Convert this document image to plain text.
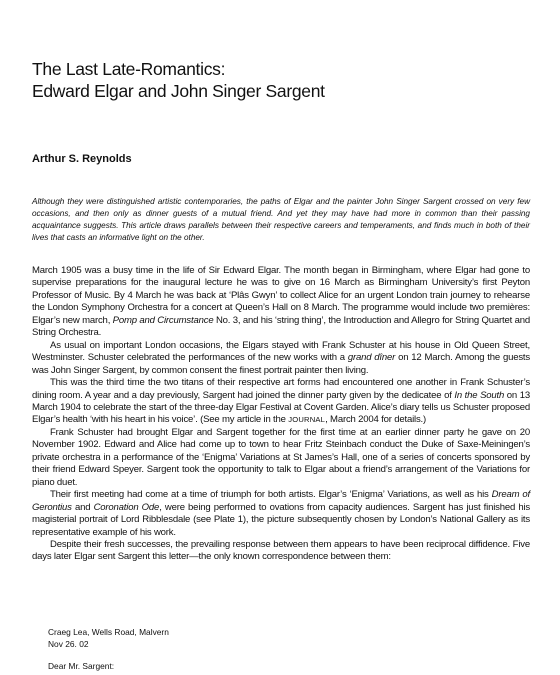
The Last Late-Romantics:
Edward Elgar and John Singer Sargent

Arthur S. Reynolds

Although they were distinguished artistic contemporaries, the paths of Elgar and the painter John Singer Sargent crossed on very few occasions, and then only as dinner guests of a mutual friend. And yet they may have had more in common than their passing acquaintance suggests. This article draws parallels between their respective careers and temperaments, and finds much in both of their lives that casts an informative light on the other.

March 1905 was a busy time in the life of Sir Edward Elgar. The month began in Birmingham, where Elgar had gone to supervise preparations for the inaugural lecture he was to give on 16 March as Birmingham University’s first Peyton Professor of Music. By 4 March he was back at ‘Plâs Gwyn’ to collect Alice for an urgent London train journey to rehearse the London Symphony Orchestra for a concert at Queen’s Hall on 8 March. The programme would include two premières: Elgar’s new march, Pomp and Circumstance No. 3, and his ‘string thing’, the Introduction and Allegro for String Quartet and String Orchestra.

As usual on important London occasions, the Elgars stayed with Frank Schuster at his house in Old Queen Street, Westminster. Schuster celebrated the performances of the new works with a grand dîner on 12 March. Among the guests was John Singer Sargent, by common consent the finest portrait painter then living.

This was the third time the two titans of their respective art forms had encountered one another in Frank Schuster’s dining room. A year and a day previously, Sargent had joined the dinner party given by the dedicatee of In the South on 13 March 1904 to celebrate the start of the three-day Elgar Festival at Covent Garden. Alice’s diary tells us Schuster proposed Elgar’s health ‘with his heart in his voice’. (See my article in the JOURNAL, March 2004 for details.)

Frank Schuster had brought Elgar and Sargent together for the first time at an earlier dinner party he gave on 20 November 1902. Edward and Alice had come up to town to hear Fritz Steinbach conduct the Duke of Saxe-Meiningen’s private orchestra in a performance of the ‘Enigma’ Variations at St James’s Hall, one of a series of concerts sponsored by their friend Edward Speyer. Sargent took the opportunity to talk to Elgar about a friend’s arrangement of the Variations for piano duet.

Their first meeting had come at a time of triumph for both artists. Elgar’s ‘Enigma’ Variations, as well as his Dream of Gerontius and Coronation Ode, were being performed to ovations from capacity audiences. Sargent has just finished his magisterial portrait of Lord Ribblesdale (see Plate 1), the picture subsequently chosen by London’s National Gallery as its representative example of his work.

Despite their fresh successes, the prevailing response between them appears to have been reciprocal diffidence. Five days later Elgar sent Sargent this letter—the only known correspondence between them:

Craeg Lea, Wells Road, Malvern
Nov 26. 02
Dear Mr. Sargent:
